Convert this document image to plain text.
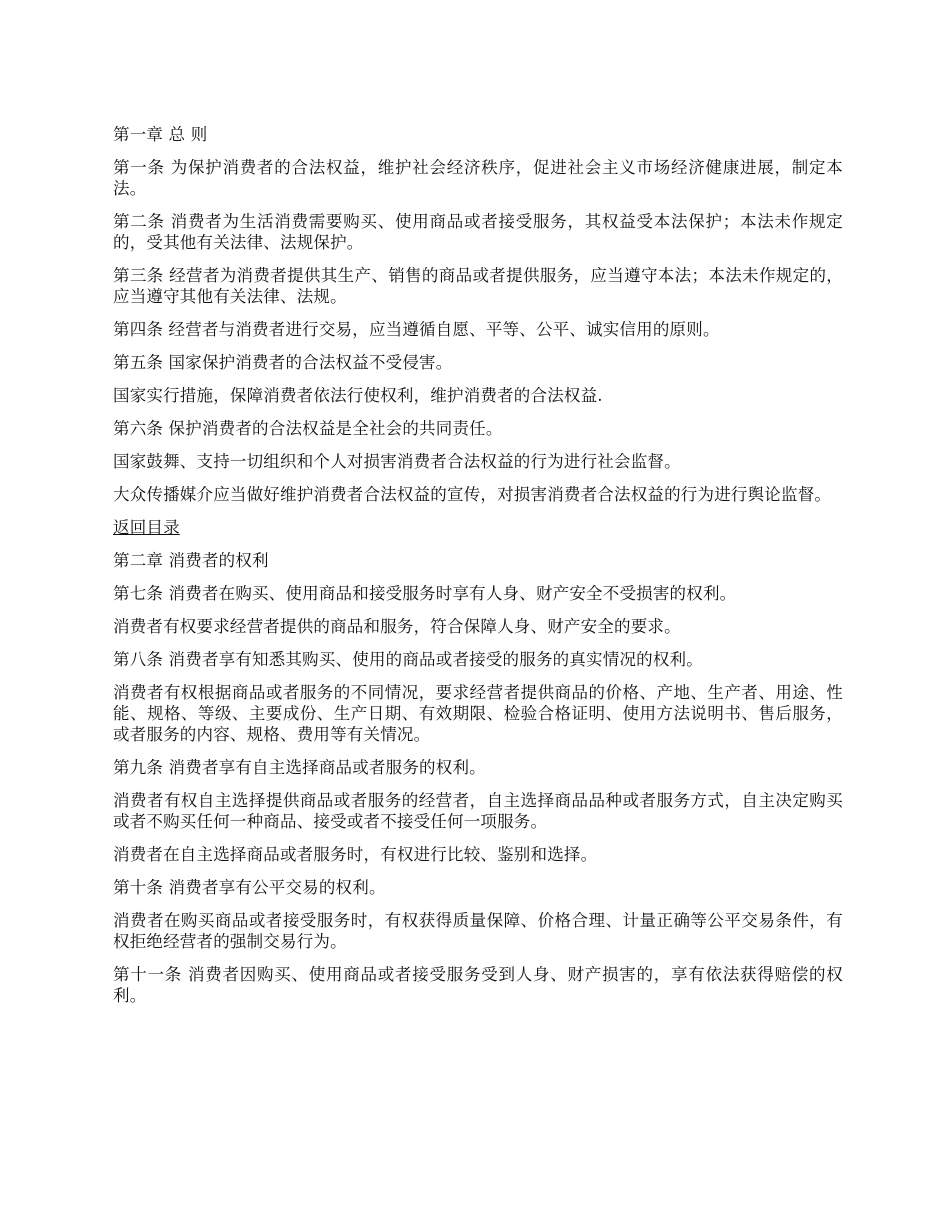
第一章 总 则

第一条 为保护消费者的合法权益，维护社会经济秩序，促进社会主义市场经济健康进展，制定本法。

第二条 消费者为生活消费需要购买、使用商品或者接受服务，其权益受本法保护；本法未作规定的，受其他有关法律、法规保护。

第三条 经营者为消费者提供其生产、销售的商品或者提供服务，应当遵守本法；本法未作规定的，应当遵守其他有关法律、法规。

第四条 经营者与消费者进行交易，应当遵循自愿、平等、公平、诚实信用的原则。

第五条 国家保护消费者的合法权益不受侵害。

国家实行措施，保障消费者依法行使权利，维护消费者的合法权益.

第六条 保护消费者的合法权益是全社会的共同责任。

国家鼓舞、支持一切组织和个人对损害消费者合法权益的行为进行社会监督。

大众传播媒介应当做好维护消费者合法权益的宣传，对损害消费者合法权益的行为进行舆论监督。

返回目录

第二章 消费者的权利

第七条 消费者在购买、使用商品和接受服务时享有人身、财产安全不受损害的权利。

消费者有权要求经营者提供的商品和服务，符合保障人身、财产安全的要求。

第八条 消费者享有知悉其购买、使用的商品或者接受的服务的真实情况的权利。

消费者有权根据商品或者服务的不同情况，要求经营者提供商品的价格、产地、生产者、用途、性能、规格、等级、主要成份、生产日期、有效期限、检验合格证明、使用方法说明书、售后服务，或者服务的内容、规格、费用等有关情况。

第九条 消费者享有自主选择商品或者服务的权利。

消费者有权自主选择提供商品或者服务的经营者，自主选择商品品种或者服务方式，自主决定购买或者不购买任何一种商品、接受或者不接受任何一项服务。

消费者在自主选择商品或者服务时，有权进行比较、鉴别和选择。

第十条 消费者享有公平交易的权利。

消费者在购买商品或者接受服务时，有权获得质量保障、价格合理、计量正确等公平交易条件，有权拒绝经营者的强制交易行为。

第十一条 消费者因购买、使用商品或者接受服务受到人身、财产损害的，享有依法获得赔偿的权利。
